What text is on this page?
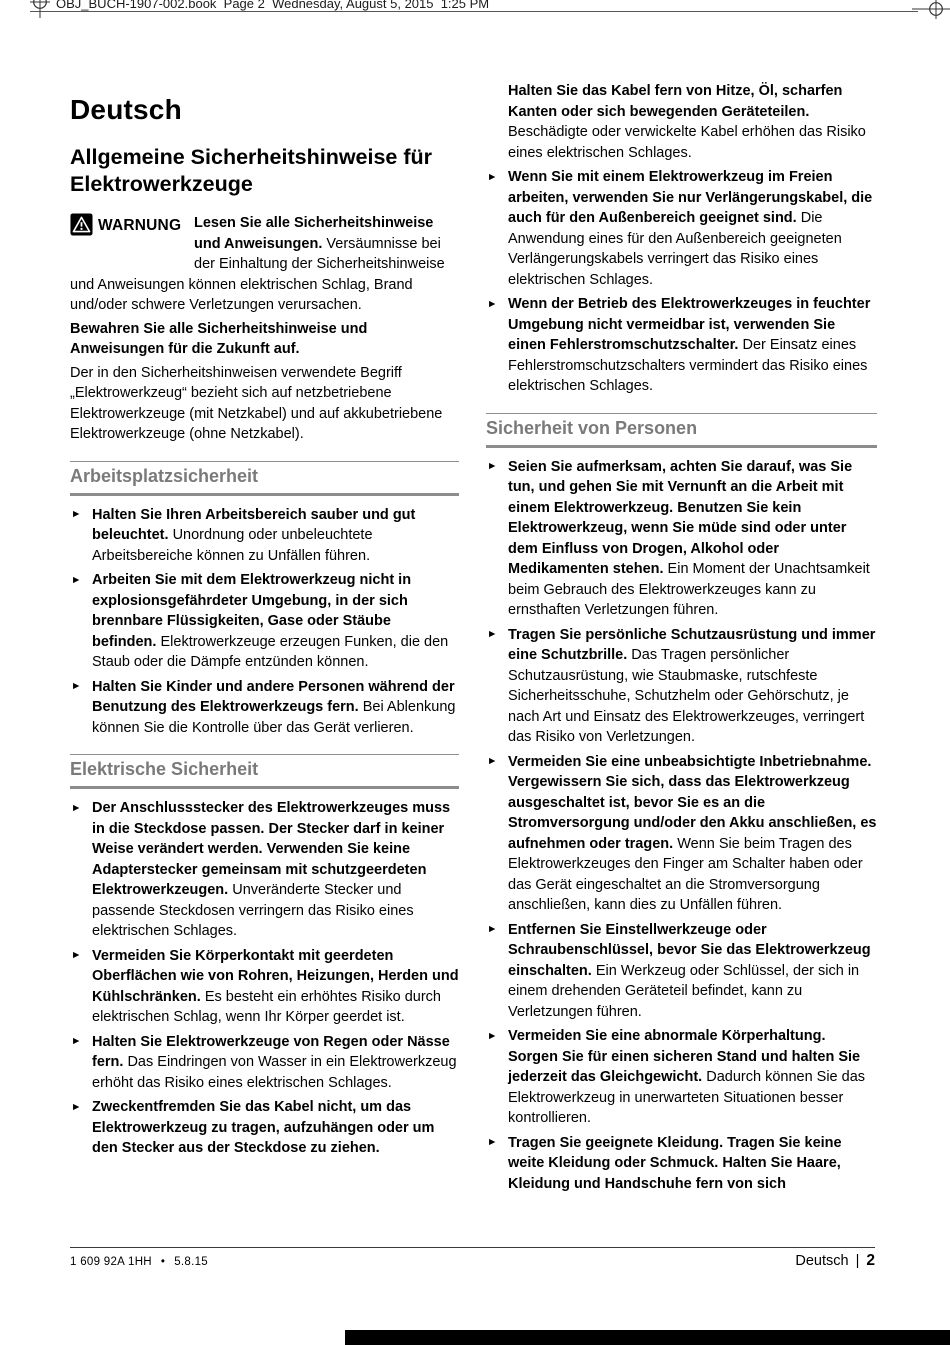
OBJ_BUCH-1907-002.book  Page 2  Wednesday, August 5, 2015  1:25 PM
Deutsch
Allgemeine Sicherheitshinweise für Elektrowerkzeuge

WARNUNG Lesen Sie alle Sicherheitshinweise und Anweisungen. Versäumnisse bei der Einhaltung der Sicherheitshinweise und Anweisungen können elektrischen Schlag, Brand und/oder schwere Verletzungen verursachen.

Bewahren Sie alle Sicherheitshinweise und Anweisungen für die Zukunft auf.

Der in den Sicherheitshinweisen verwendete Begriff „Elektrowerkzeug“ bezieht sich auf netzbetriebene Elektrowerkzeuge (mit Netzkabel) und auf akkubetriebene Elektrowerkzeuge (ohne Netzkabel).

Arbeitsplatzsicherheit

► Halten Sie Ihren Arbeitsbereich sauber und gut beleuchtet. Unordnung oder unbeleuchtete Arbeitsbereiche können zu Unfällen führen.

► Arbeiten Sie mit dem Elektrowerkzeug nicht in explosionsgefährdeter Umgebung, in der sich brennbare Flüssigkeiten, Gase oder Stäube befinden. Elektrowerkzeuge erzeugen Funken, die den Staub oder die Dämpfe entzünden können.

► Halten Sie Kinder und andere Personen während der Benutzung des Elektrowerkzeugs fern. Bei Ablenkung können Sie die Kontrolle über das Gerät verlieren.

Elektrische Sicherheit

► Der Anschlussstecker des Elektrowerkzeuges muss in die Steckdose passen. Der Stecker darf in keiner Weise verändert werden. Verwenden Sie keine Adapterstecker gemeinsam mit schutzgeerdeten Elektrowerkzeugen. Unveränderte Stecker und passende Steckdosen verringern das Risiko eines elektrischen Schlages.

► Vermeiden Sie Körperkontakt mit geerdeten Oberflächen wie von Rohren, Heizungen, Herden und Kühlschränken. Es besteht ein erhöhtes Risiko durch elektrischen Schlag, wenn Ihr Körper geerdet ist.

► Halten Sie Elektrowerkzeuge von Regen oder Nässe fern. Das Eindringen von Wasser in ein Elektrowerkzeug erhöht das Risiko eines elektrischen Schlages.

► Zweckentfremden Sie das Kabel nicht, um das Elektrowerkzeug zu tragen, aufzuhängen oder um den Stecker aus der Steckdose zu ziehen.

Halten Sie das Kabel fern von Hitze, Öl, scharfen Kanten oder sich bewegenden Geräteteilen. Beschädigte oder verwickelte Kabel erhöhen das Risiko eines elektrischen Schlages.

► Wenn Sie mit einem Elektrowerkzeug im Freien arbeiten, verwenden Sie nur Verlängerungskabel, die auch für den Außenbereich geeignet sind. Die Anwendung eines für den Außenbereich geeigneten Verlängerungskabels verringert das Risiko eines elektrischen Schlages.

► Wenn der Betrieb des Elektrowerkzeuges in feuchter Umgebung nicht vermeidbar ist, verwenden Sie einen Fehlerstromschutzschalter. Der Einsatz eines Fehlerstromschutzschalters vermindert das Risiko eines elektrischen Schlages.

Sicherheit von Personen

► Seien Sie aufmerksam, achten Sie darauf, was Sie tun, und gehen Sie mit Vernunft an die Arbeit mit einem Elektrowerkzeug. Benutzen Sie kein Elektrowerkzeug, wenn Sie müde sind oder unter dem Einfluss von Drogen, Alkohol oder Medikamenten stehen. Ein Moment der Unachtsamkeit beim Gebrauch des Elektrowerkzeuges kann zu ernsthaften Verletzungen führen.

► Tragen Sie persönliche Schutzausrüstung und immer eine Schutzbrille. Das Tragen persönlicher Schutzausrüstung, wie Staubmaske, rutschfeste Sicherheitsschuhe, Schutzhelm oder Gehörschutz, je nach Art und Einsatz des Elektrowerkzeuges, verringert das Risiko von Verletzungen.

► Vermeiden Sie eine unbeabsichtigte Inbetriebnahme. Vergewissern Sie sich, dass das Elektrowerkzeug ausgeschaltet ist, bevor Sie es an die Stromversorgung und/oder den Akku anschließen, es aufnehmen oder tragen. Wenn Sie beim Tragen des Elektrowerkzeuges den Finger am Schalter haben oder das Gerät eingeschaltet an die Stromversorgung anschließen, kann dies zu Unfällen führen.

► Entfernen Sie Einstellwerkzeuge oder Schraubenschlüssel, bevor Sie das Elektrowerkzeug einschalten. Ein Werkzeug oder Schlüssel, der sich in einem drehenden Geräteteil befindet, kann zu Verletzungen führen.

► Vermeiden Sie eine abnormale Körperhaltung. Sorgen Sie für einen sicheren Stand und halten Sie jederzeit das Gleichgewicht. Dadurch können Sie das Elektrowerkzeug in unerwarteten Situationen besser kontrollieren.

► Tragen Sie geeignete Kleidung. Tragen Sie keine weite Kleidung oder Schmuck. Halten Sie Haare, Kleidung und Handschuhe fern von sich

1 609 92A 1HH • 5.8.15	Deutsch | 2
